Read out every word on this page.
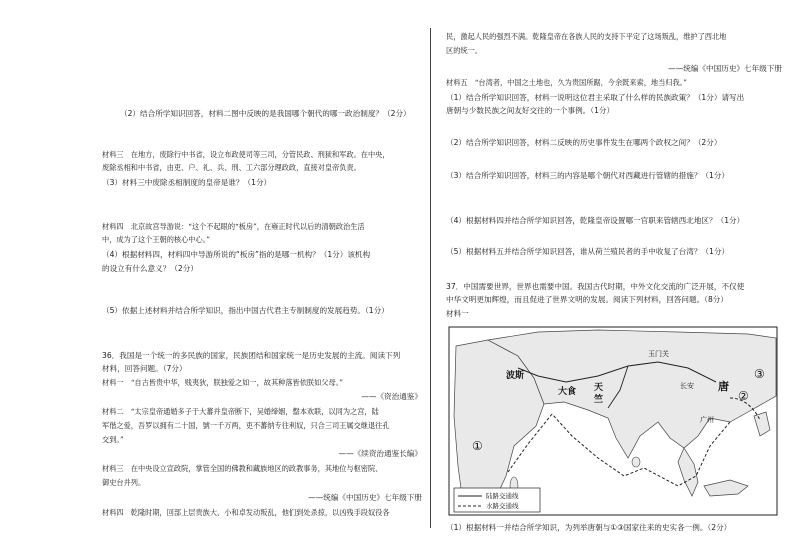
（2）结合所学知识回答，材料二图中反映的是我国哪个朝代的哪一政治制度？（2分）
材料三　在地方，废除行中书省，设立布政使司等三司，分管民政、刑狱和军政。在中央，
废除丞相和中书省，由吏、户、礼、兵、刑、工六部分理政政，直接对皇帝负责。
（3）材料三中废除丞相制度的皇帝是谁？（1分）
材料四　北京故宫导游说：“这个不起眼的“板房”，在雍正时代以后的清朝政治生活
中，成为了这个王朝的核心中心。”
（4）根据材料四，材料四中导游所说的“板房”指的是哪一机构？（1分）该机构
的设立有什么意义？（2分）
（5）依据上述材料并结合所学知识，指出中国古代君主专制制度的发展趋势。（1分）
36．我国是一个统一的多民族的国家，民族团结和国家统一是历史发展的主流。阅读下列
材料，回答问题。（7分）
材料一　“自古皆贵中华，贱夷狄，朕独爱之如一，故其种落皆依朕如父母。”
——《资治通鉴》
材料二　“太宗皇帝通婚多子于大蕃并皇帝断下，吴婚缔姻，罄本欢联，以同为之宫，陆
军偕之爱，吾罗以拥有二十国，號一千万两，吏不蕃纳专往利奴，只合三司王属交继退往孔
交到。”
——《续资治通鉴长编》
材料三　在中央设立宣政院，掌管全国的佛教和藏族地区的政教事务，其地位与枢密院、
御史台并列。
——统编《中国历史》七年级下册
材料四　乾隆时期，回部上层贵族大、小和卓发动叛乱，他们到处杀掠，以凶残手段奴役各
民，激起人民的强烈不满。乾隆皇帝在各族人民的支持下平定了这场叛乱，维护了西北地
区的统一。
——统编《中国历史》七年级下册
材料五　“台湾者，中国之土地也，久为贵国所踞，今余既来索，地当归我。”
（1）结合所学知识回答，材料一说明这位君主采取了什么样的民族政策？（1分）请写出
唐朝与少数民族之间友好交往的一个事例。（1分）
（2）结合所学知识回答，材料二反映的历史事件发生在哪两个政权之间？（2分）
（3）结合所学知识回答，材料三的内容是哪个朝代对西藏进行管辖的措施？（1分）
（4）根据材料四并结合所学知识回答，乾隆皇帝设置哪一官职来管辖西北地区？（1分）
（5）根据材料五并结合所学知识回答，谁从荷兰殖民者的手中收复了台湾？（1分）
37．中国需要世界，世界也需要中国。我国古代时期，中外文化交流的广泛开展，不仅使
中华文明更加辉煌，而且促进了世界文明的发展。阅读下列材料，回答问题。（8分）
材料一
（1）根据材料一并结合所学知识，为列举唐朝与①③国家往来的史实各一例。（2分）
唐
竺
天
波斯
大食
玉门关
长安
广州
①
②
③
陆路交通线
水路交通线
